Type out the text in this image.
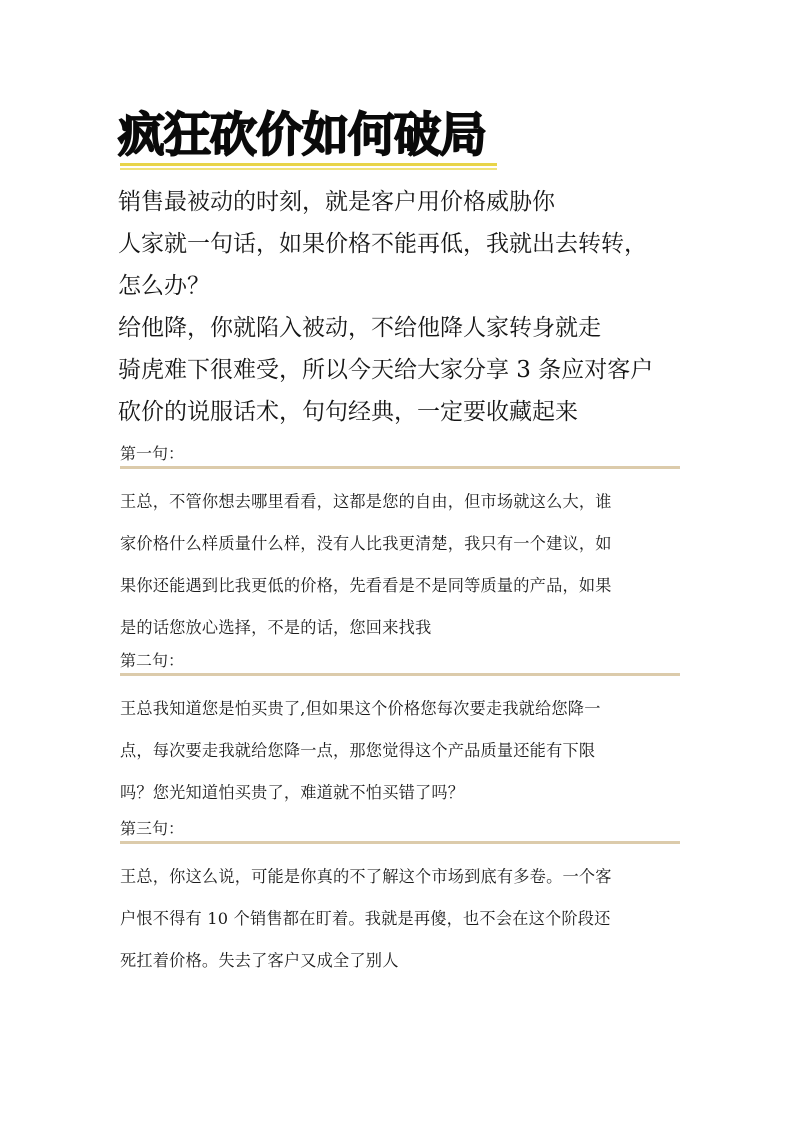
疯狂砍价如何破局
销售最被动的时刻，就是客户用价格威胁你
人家就一句话，如果价格不能再低，我就出去转转，
怎么办？
给他降，你就陷入被动，不给他降人家转身就走
骑虎难下很难受，所以今天给大家分享 3 条应对客户
砍价的说服话术，句句经典，一定要收藏起来
第一句：
王总，不管你想去哪里看看，这都是您的自由，但市场就这么大，谁
家价格什么样质量什么样，没有人比我更清楚，我只有一个建议，如
果你还能遇到比我更低的价格，先看看是不是同等质量的产品，如果
是的话您放心选择，不是的话，您回来找我
第二句：
王总我知道您是怕买贵了,但如果这个价格您每次要走我就给您降一
点，每次要走我就给您降一点，那您觉得这个产品质量还能有下限
吗？您光知道怕买贵了，难道就不怕买错了吗？
第三句：
王总，你这么说，可能是你真的不了解这个市场到底有多卷。一个客
户恨不得有 10 个销售都在盯着。我就是再傻，也不会在这个阶段还
死扛着价格。失去了客户又成全了别人
